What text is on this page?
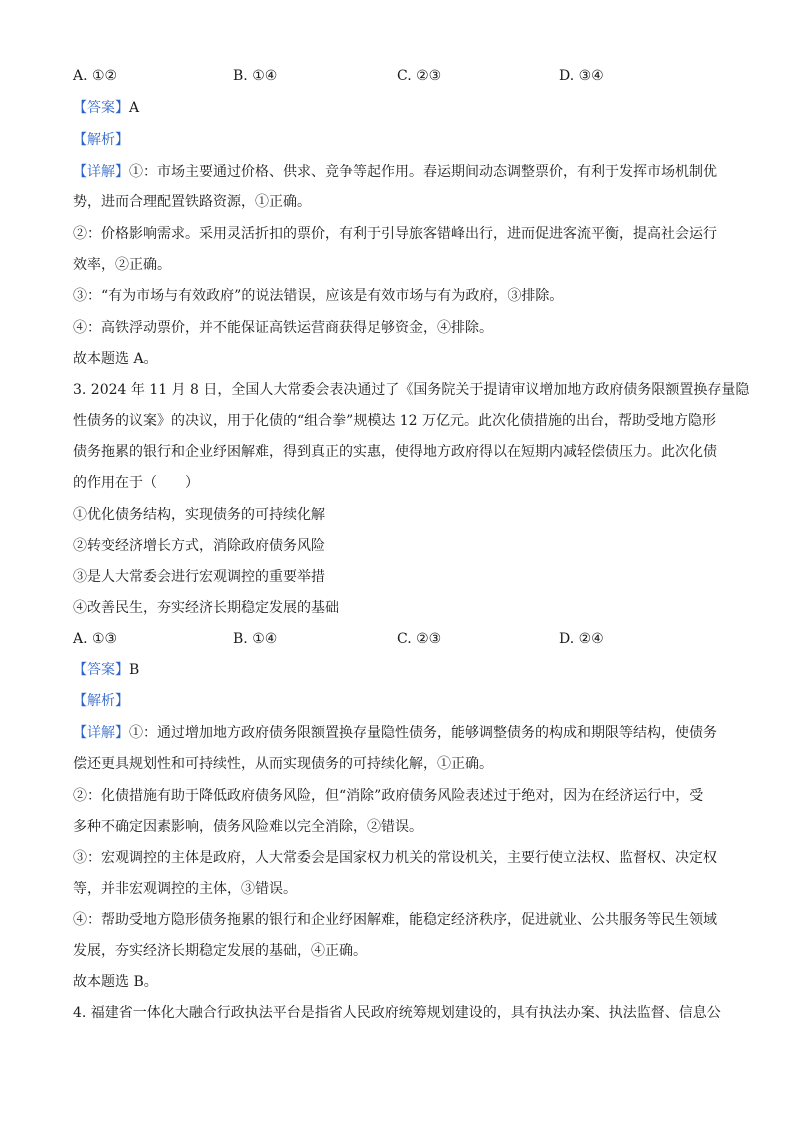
A. ①②	B. ①④	C. ②③	D. ③④
【答案】A
【解析】
【详解】①：市场主要通过价格、供求、竞争等起作用。春运期间动态调整票价，有利于发挥市场机制优
势，进而合理配置铁路资源，①正确。
②：价格影响需求。采用灵活折扣的票价，有利于引导旅客错峰出行，进而促进客流平衡，提高社会运行
效率，②正确。
③：“有为市场与有效政府”的说法错误，应该是有效市场与有为政府，③排除。
④：高铁浮动票价，并不能保证高铁运营商获得足够资金，④排除。
故本题选 A。
3. 2024 年 11 月 8 日，全国人大常委会表决通过了《国务院关于提请审议增加地方政府债务限额置换存量隐
性债务的议案》的决议，用于化债的“组合拳”规模达 12 万亿元。此次化债措施的出台，帮助受地方隐形
债务拖累的银行和企业纾困解难，得到真正的实惠，使得地方政府得以在短期内减轻偿债压力。此次化债
的作用在于（　　）
①优化债务结构，实现债务的可持续化解
②转变经济增长方式，消除政府债务风险
③是人大常委会进行宏观调控的重要举措
④改善民生，夯实经济长期稳定发展的基础
A. ①③	B. ①④	C. ②③	D. ②④
【答案】B
【解析】
【详解】①：通过增加地方政府债务限额置换存量隐性债务，能够调整债务的构成和期限等结构，使债务
偿还更具规划性和可持续性，从而实现债务的可持续化解，①正确。
②：化债措施有助于降低政府债务风险，但“消除”政府债务风险表述过于绝对，因为在经济运行中，受
多种不确定因素影响，债务风险难以完全消除，②错误。
③：宏观调控的主体是政府，人大常委会是国家权力机关的常设机关，主要行使立法权、监督权、决定权
等，并非宏观调控的主体，③错误。
④：帮助受地方隐形债务拖累的银行和企业纾困解难，能稳定经济秩序，促进就业、公共服务等民生领域
发展，夯实经济长期稳定发展的基础，④正确。
故本题选 B。
4. 福建省一体化大融合行政执法平台是指省人民政府统筹规划建设的，具有执法办案、执法监督、信息公
